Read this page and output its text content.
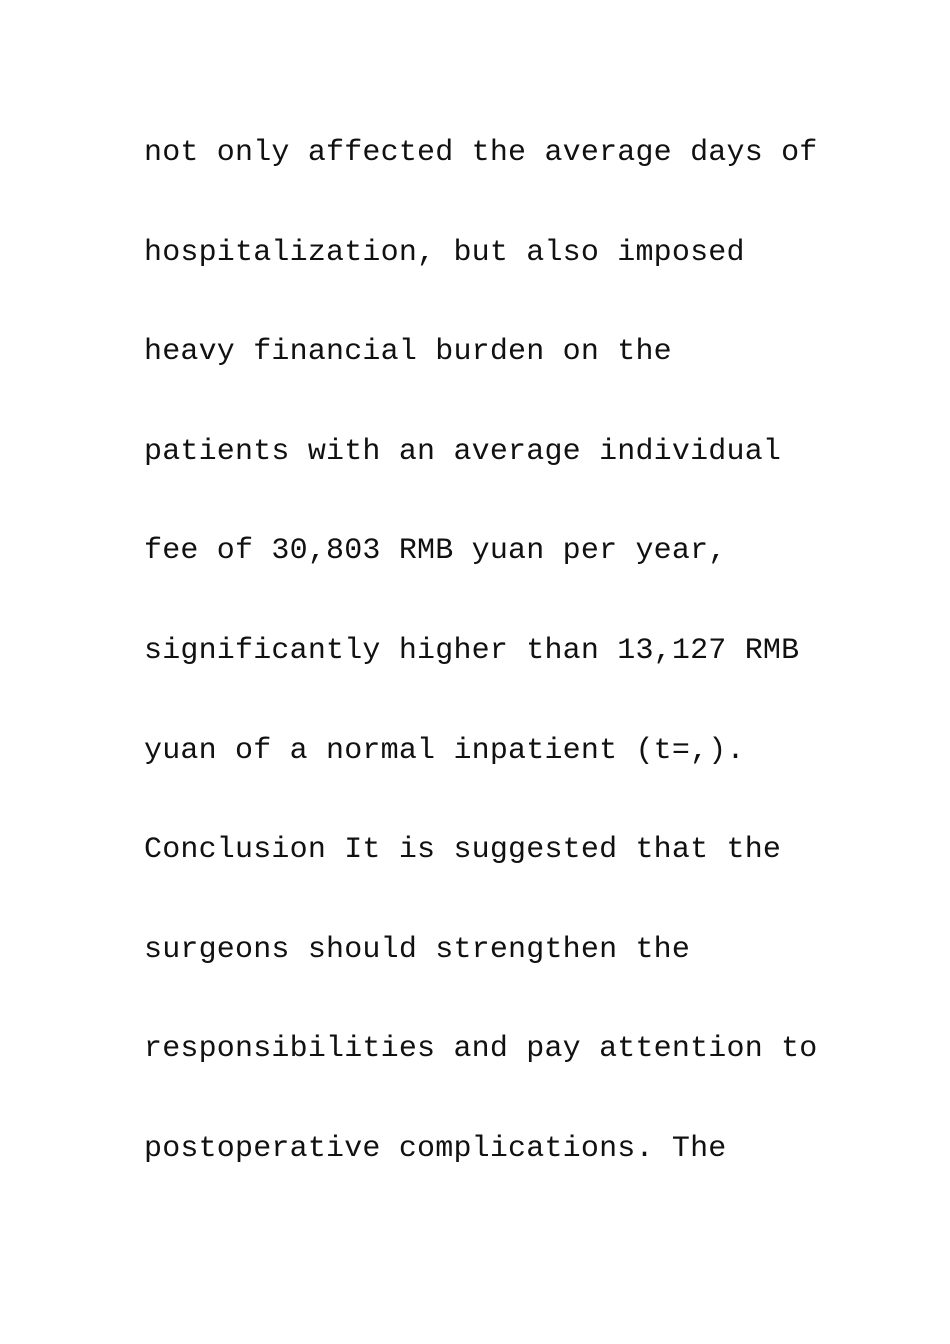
not only affected the average days of
hospitalization, but also imposed
heavy financial burden on the
patients with an average individual
fee of 30,803 RMB yuan per year,
significantly higher than 13,127 RMB
yuan of a normal inpatient (t=,).
Conclusion It is suggested that the
surgeons should strengthen the
responsibilities and pay attention to
postoperative complications. The
